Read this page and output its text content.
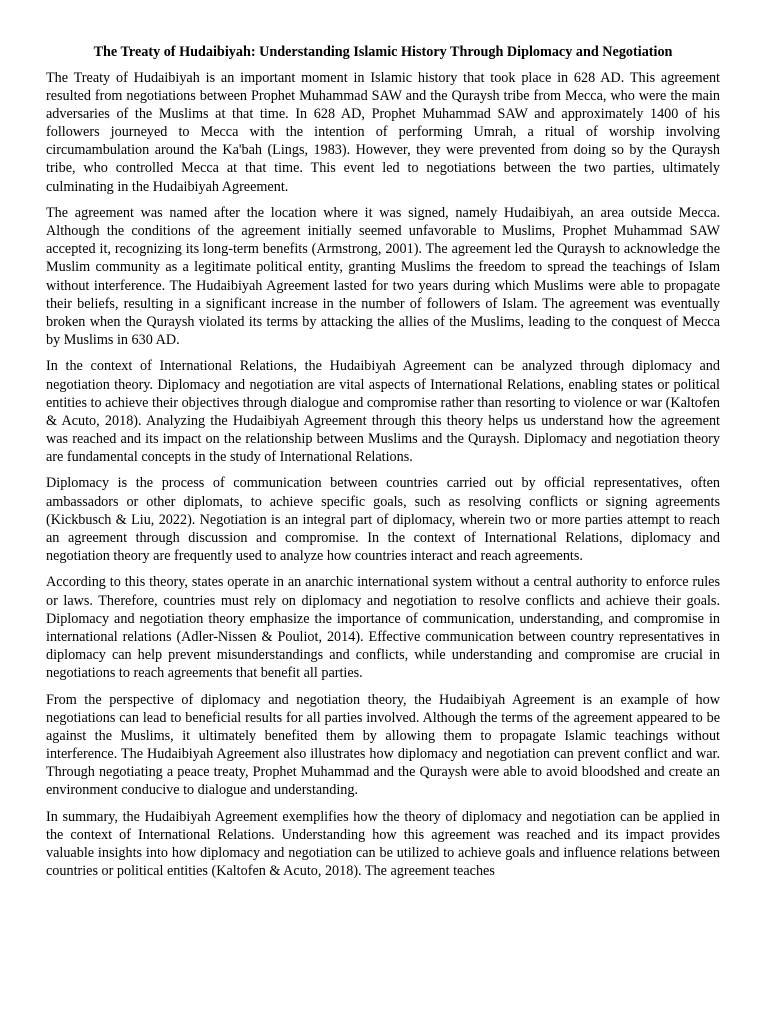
The Treaty of Hudaibiyah: Understanding Islamic History Through Diplomacy and Negotiation

The Treaty of Hudaibiyah is an important moment in Islamic history that took place in 628 AD. This agreement resulted from negotiations between Prophet Muhammad SAW and the Quraysh tribe from Mecca, who were the main adversaries of the Muslims at that time. In 628 AD, Prophet Muhammad SAW and approximately 1400 of his followers journeyed to Mecca with the intention of performing Umrah, a ritual of worship involving circumambulation around the Ka'bah (Lings, 1983). However, they were prevented from doing so by the Quraysh tribe, who controlled Mecca at that time. This event led to negotiations between the two parties, ultimately culminating in the Hudaibiyah Agreement.

The agreement was named after the location where it was signed, namely Hudaibiyah, an area outside Mecca. Although the conditions of the agreement initially seemed unfavorable to Muslims, Prophet Muhammad SAW accepted it, recognizing its long-term benefits (Armstrong, 2001). The agreement led the Quraysh to acknowledge the Muslim community as a legitimate political entity, granting Muslims the freedom to spread the teachings of Islam without interference. The Hudaibiyah Agreement lasted for two years during which Muslims were able to propagate their beliefs, resulting in a significant increase in the number of followers of Islam. The agreement was eventually broken when the Quraysh violated its terms by attacking the allies of the Muslims, leading to the conquest of Mecca by Muslims in 630 AD.

In the context of International Relations, the Hudaibiyah Agreement can be analyzed through diplomacy and negotiation theory. Diplomacy and negotiation are vital aspects of International Relations, enabling states or political entities to achieve their objectives through dialogue and compromise rather than resorting to violence or war (Kaltofen & Acuto, 2018). Analyzing the Hudaibiyah Agreement through this theory helps us understand how the agreement was reached and its impact on the relationship between Muslims and the Quraysh. Diplomacy and negotiation theory are fundamental concepts in the study of International Relations.

Diplomacy is the process of communication between countries carried out by official representatives, often ambassadors or other diplomats, to achieve specific goals, such as resolving conflicts or signing agreements (Kickbusch & Liu, 2022). Negotiation is an integral part of diplomacy, wherein two or more parties attempt to reach an agreement through discussion and compromise. In the context of International Relations, diplomacy and negotiation theory are frequently used to analyze how countries interact and reach agreements.

According to this theory, states operate in an anarchic international system without a central authority to enforce rules or laws. Therefore, countries must rely on diplomacy and negotiation to resolve conflicts and achieve their goals. Diplomacy and negotiation theory emphasize the importance of communication, understanding, and compromise in international relations (Adler-Nissen & Pouliot, 2014). Effective communication between country representatives in diplomacy can help prevent misunderstandings and conflicts, while understanding and compromise are crucial in negotiations to reach agreements that benefit all parties.

From the perspective of diplomacy and negotiation theory, the Hudaibiyah Agreement is an example of how negotiations can lead to beneficial results for all parties involved. Although the terms of the agreement appeared to be against the Muslims, it ultimately benefited them by allowing them to propagate Islamic teachings without interference. The Hudaibiyah Agreement also illustrates how diplomacy and negotiation can prevent conflict and war. Through negotiating a peace treaty, Prophet Muhammad and the Quraysh were able to avoid bloodshed and create an environment conducive to dialogue and understanding.

In summary, the Hudaibiyah Agreement exemplifies how the theory of diplomacy and negotiation can be applied in the context of International Relations. Understanding how this agreement was reached and its impact provides valuable insights into how diplomacy and negotiation can be utilized to achieve goals and influence relations between countries or political entities (Kaltofen & Acuto, 2018). The agreement teaches
